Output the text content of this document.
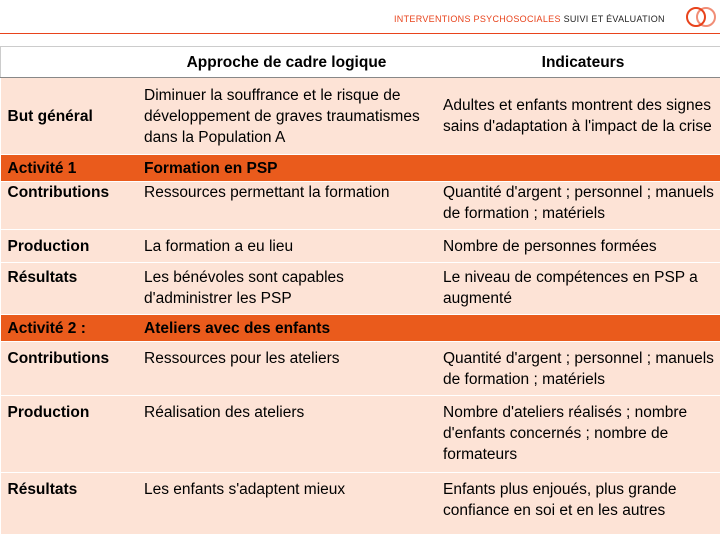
INTERVENTIONS PSYCHOSOCIALES SUIVI ET ÉVALUATION
	Approche de cadre logique	Indicateurs
But général	Diminuer la souffrance et le risque de développement de graves traumatismes dans la Population A	Adultes et enfants montrent des signes sains d'adaptation à l'impact de la crise
Activité 1	Formation en PSP	
Contributions	Ressources permettant la formation	Quantité d'argent ; personnel ; manuels de formation ; matériels
Production	La formation a eu lieu	Nombre de personnes formées
Résultats	Les bénévoles sont capables d'administrer les PSP	Le niveau de compétences en PSP a augmenté
Activité 2 :	Ateliers avec des enfants	
Contributions	Ressources pour les ateliers	Quantité d'argent ; personnel ; manuels de formation ; matériels
Production	Réalisation des ateliers	Nombre d'ateliers réalisés ; nombre d'enfants concernés ; nombre de formateurs
Résultats	Les enfants s'adaptent mieux	Enfants plus enjoués, plus grande confiance en soi et en les autres
